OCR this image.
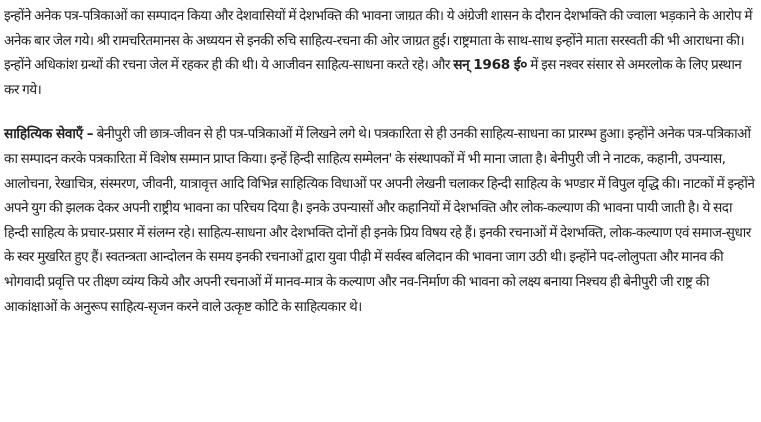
इन्होंने अनेक पत्र-पत्रिकाओं का सम्पादन किया और देशवासियों में देशभक्ति की भावना जाग्रत की। ये अंग्रेजी शासन के दौरान देशभक्ति की ज्वाला भड़काने के आरोप में अनेक बार जेल गये। श्री रामचरितमानस के अध्ययन से इनकी रुचि साहित्य-रचना की ओर जाग्रत हुई। राष्ट्रमाता के साथ-साथ इन्होंने माता सरस्वती की भी आराधना की। इन्होंने अधिकांश ग्रन्थों की रचना जेल में रहकर ही की थी। ये आजीवन साहित्य-साधना करते रहे। और सन् 1968 ई० में इस नश्वर संसार से अमरलोक के लिए प्रस्थान कर गये।

साहित्यिक सेवाएँ – बेनीपुरी जी छात्र-जीवन से ही पत्र-पत्रिकाओं में लिखने लगे थे। पत्रकारिता से ही उनकी साहित्य-साधना का प्रारम्भ हुआ। इन्होंने अनेक पत्र-पत्रिकाओं का सम्पादन करके पत्रकारिता में विशेष सम्मान प्राप्त किया। इन्हें हिन्दी साहित्य सम्मेलन' के संस्थापकों में भी माना जाता है। बेनीपुरी जी ने नाटक, कहानी, उपन्यास, आलोचना, रेखाचित्र, संस्मरण, जीवनी, यात्रावृत्त आदि विभिन्न साहित्यिक विधाओं पर अपनी लेखनी चलाकर हिन्दी साहित्य के भण्डार में विपुल वृद्धि की। नाटकों में इन्होंने अपने युग की झलक देकर अपनी राष्ट्रीय भावना का परिचय दिया है। इनके उपन्यासों और कहानियों में देशभक्ति और लोक-कल्याण की भावना पायी जाती है। ये सदा हिन्दी साहित्य के प्रचार-प्रसार में संलग्न रहे। साहित्य-साधना और देशभक्ति दोनों ही इनके प्रिय विषय रहे हैं। इनकी रचनाओं में देशभक्ति, लोक-कल्याण एवं समाज-सुधार के स्वर मुखरित हुए हैं। स्वतन्त्रता आन्दोलन के समय इनकी रचनाओं द्वारा युवा पीढ़ी में सर्वस्व बलिदान की भावना जाग उठी थी। इन्होंने पद-लोलुपता और मानव की भोगवादी प्रवृत्ति पर तीक्ष्ण व्यंग्य किये और अपनी रचनाओं में मानव-मात्र के कल्याण और नव-निर्माण की भावना को लक्ष्य बनाया निश्चय ही बेनीपुरी जी राष्ट्र की आकांक्षाओं के अनुरूप साहित्य-सृजन करने वाले उत्कृष्ट कोटि के साहित्यकार थे।
